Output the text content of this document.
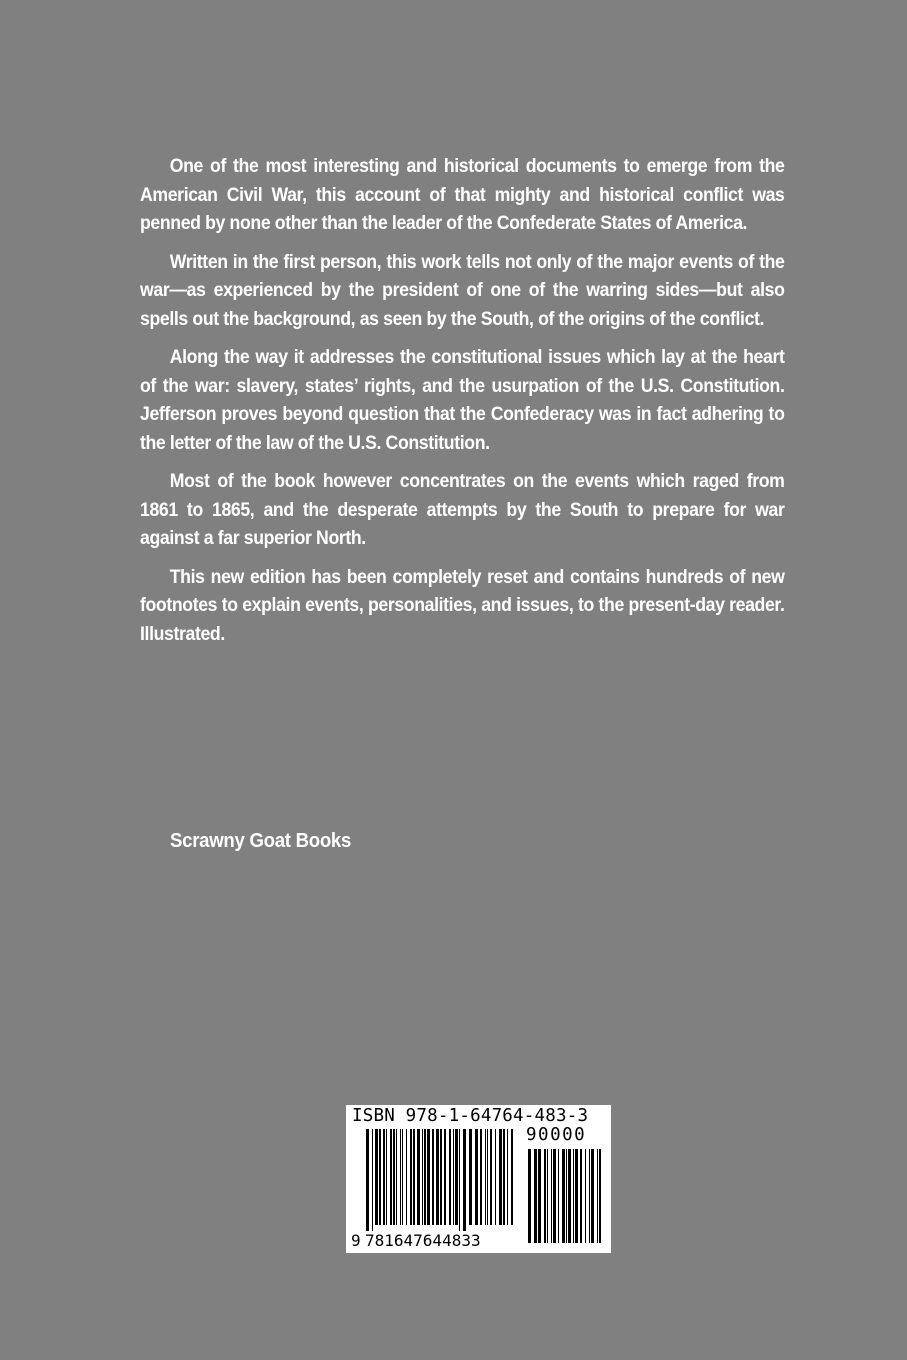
One of the most interesting and historical documents to emerge from the American Civil War, this account of that mighty and historical conflict was penned by none other than the leader of the Confederate States of America.

Written in the first person, this work tells not only of the major events of the war—as experienced by the president of one of the warring sides—but also spells out the background, as seen by the South, of the origins of the conflict.

Along the way it addresses the constitutional issues which lay at the heart of the war: slavery, states’ rights, and the usurpation of the U.S. Constitution. Jefferson proves beyond question that the Confederacy was in fact adhering to the letter of the law of the U.S. Constitution.

Most of the book however concentrates on the events which raged from 1861 to 1865, and the desperate attempts by the South to prepare for war against a far superior North.

This new edition has been completely reset and contains hundreds of new footnotes to explain events, personalities, and issues, to the present-day reader. Illustrated.

Scrawny Goat Books
ISBN 978-1-64764-483-3
90000
9 781647644833
